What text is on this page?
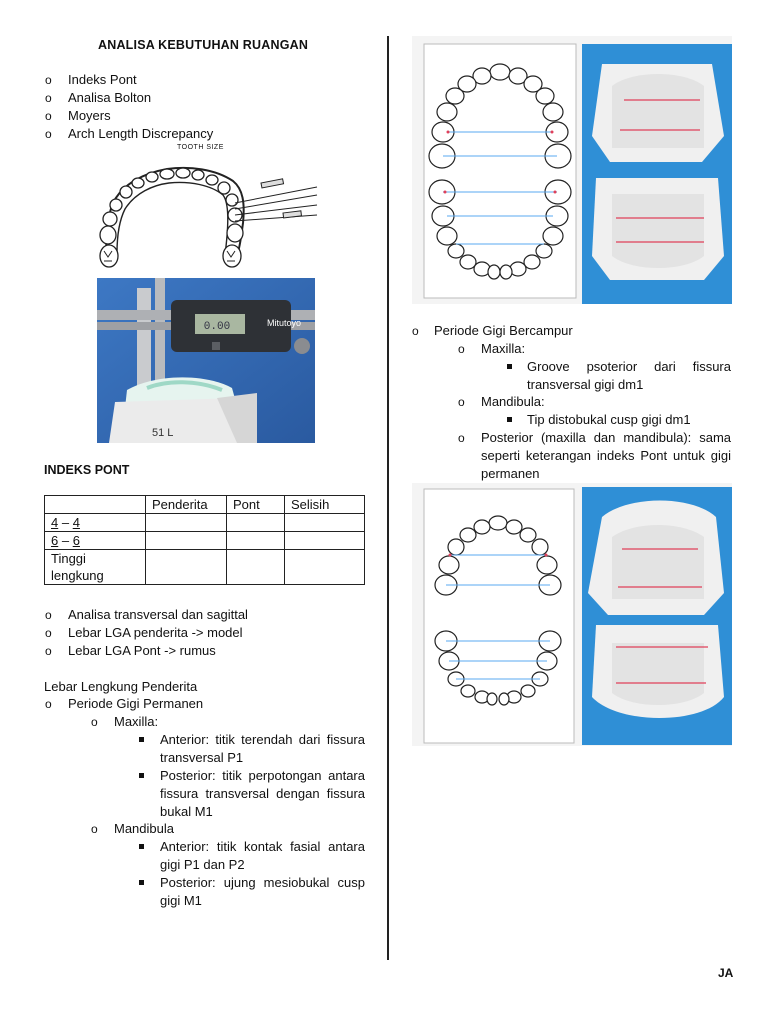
ANALISA KEBUTUHAN RUANGAN
o Indeks Pont
o Analisa Bolton
o Moyers
o Arch Length Discrepancy
TOOTH SIZE
0.00	Mitutoyo
51 L
INDEKS PONT
	Penderita	Pont	Selisih
4 – 4			
6 – 6			
Tinggi lengkung			
o Analisa transversal dan sagittal
o Lebar LGA penderita -> model
o Lebar LGA Pont -> rumus
Lebar Lengkung Penderita
o Periode Gigi Permanen
o Maxilla:
Anterior: titik terendah dari fissura transversal P1
Posterior: titik perpotongan antara fissura transversal dengan fissura bukal M1
o Mandibula
Anterior: titik kontak fasial antara gigi P1 dan P2
Posterior: ujung mesiobukal cusp gigi M1
o Periode Gigi Bercampur
o Maxilla:
Groove psoterior dari fissura transversal gigi dm1
o Mandibula:
Tip distobukal cusp gigi dm1
o Posterior (maxilla dan mandibula): sama seperti keterangan indeks Pont untuk gigi permanen
JA
